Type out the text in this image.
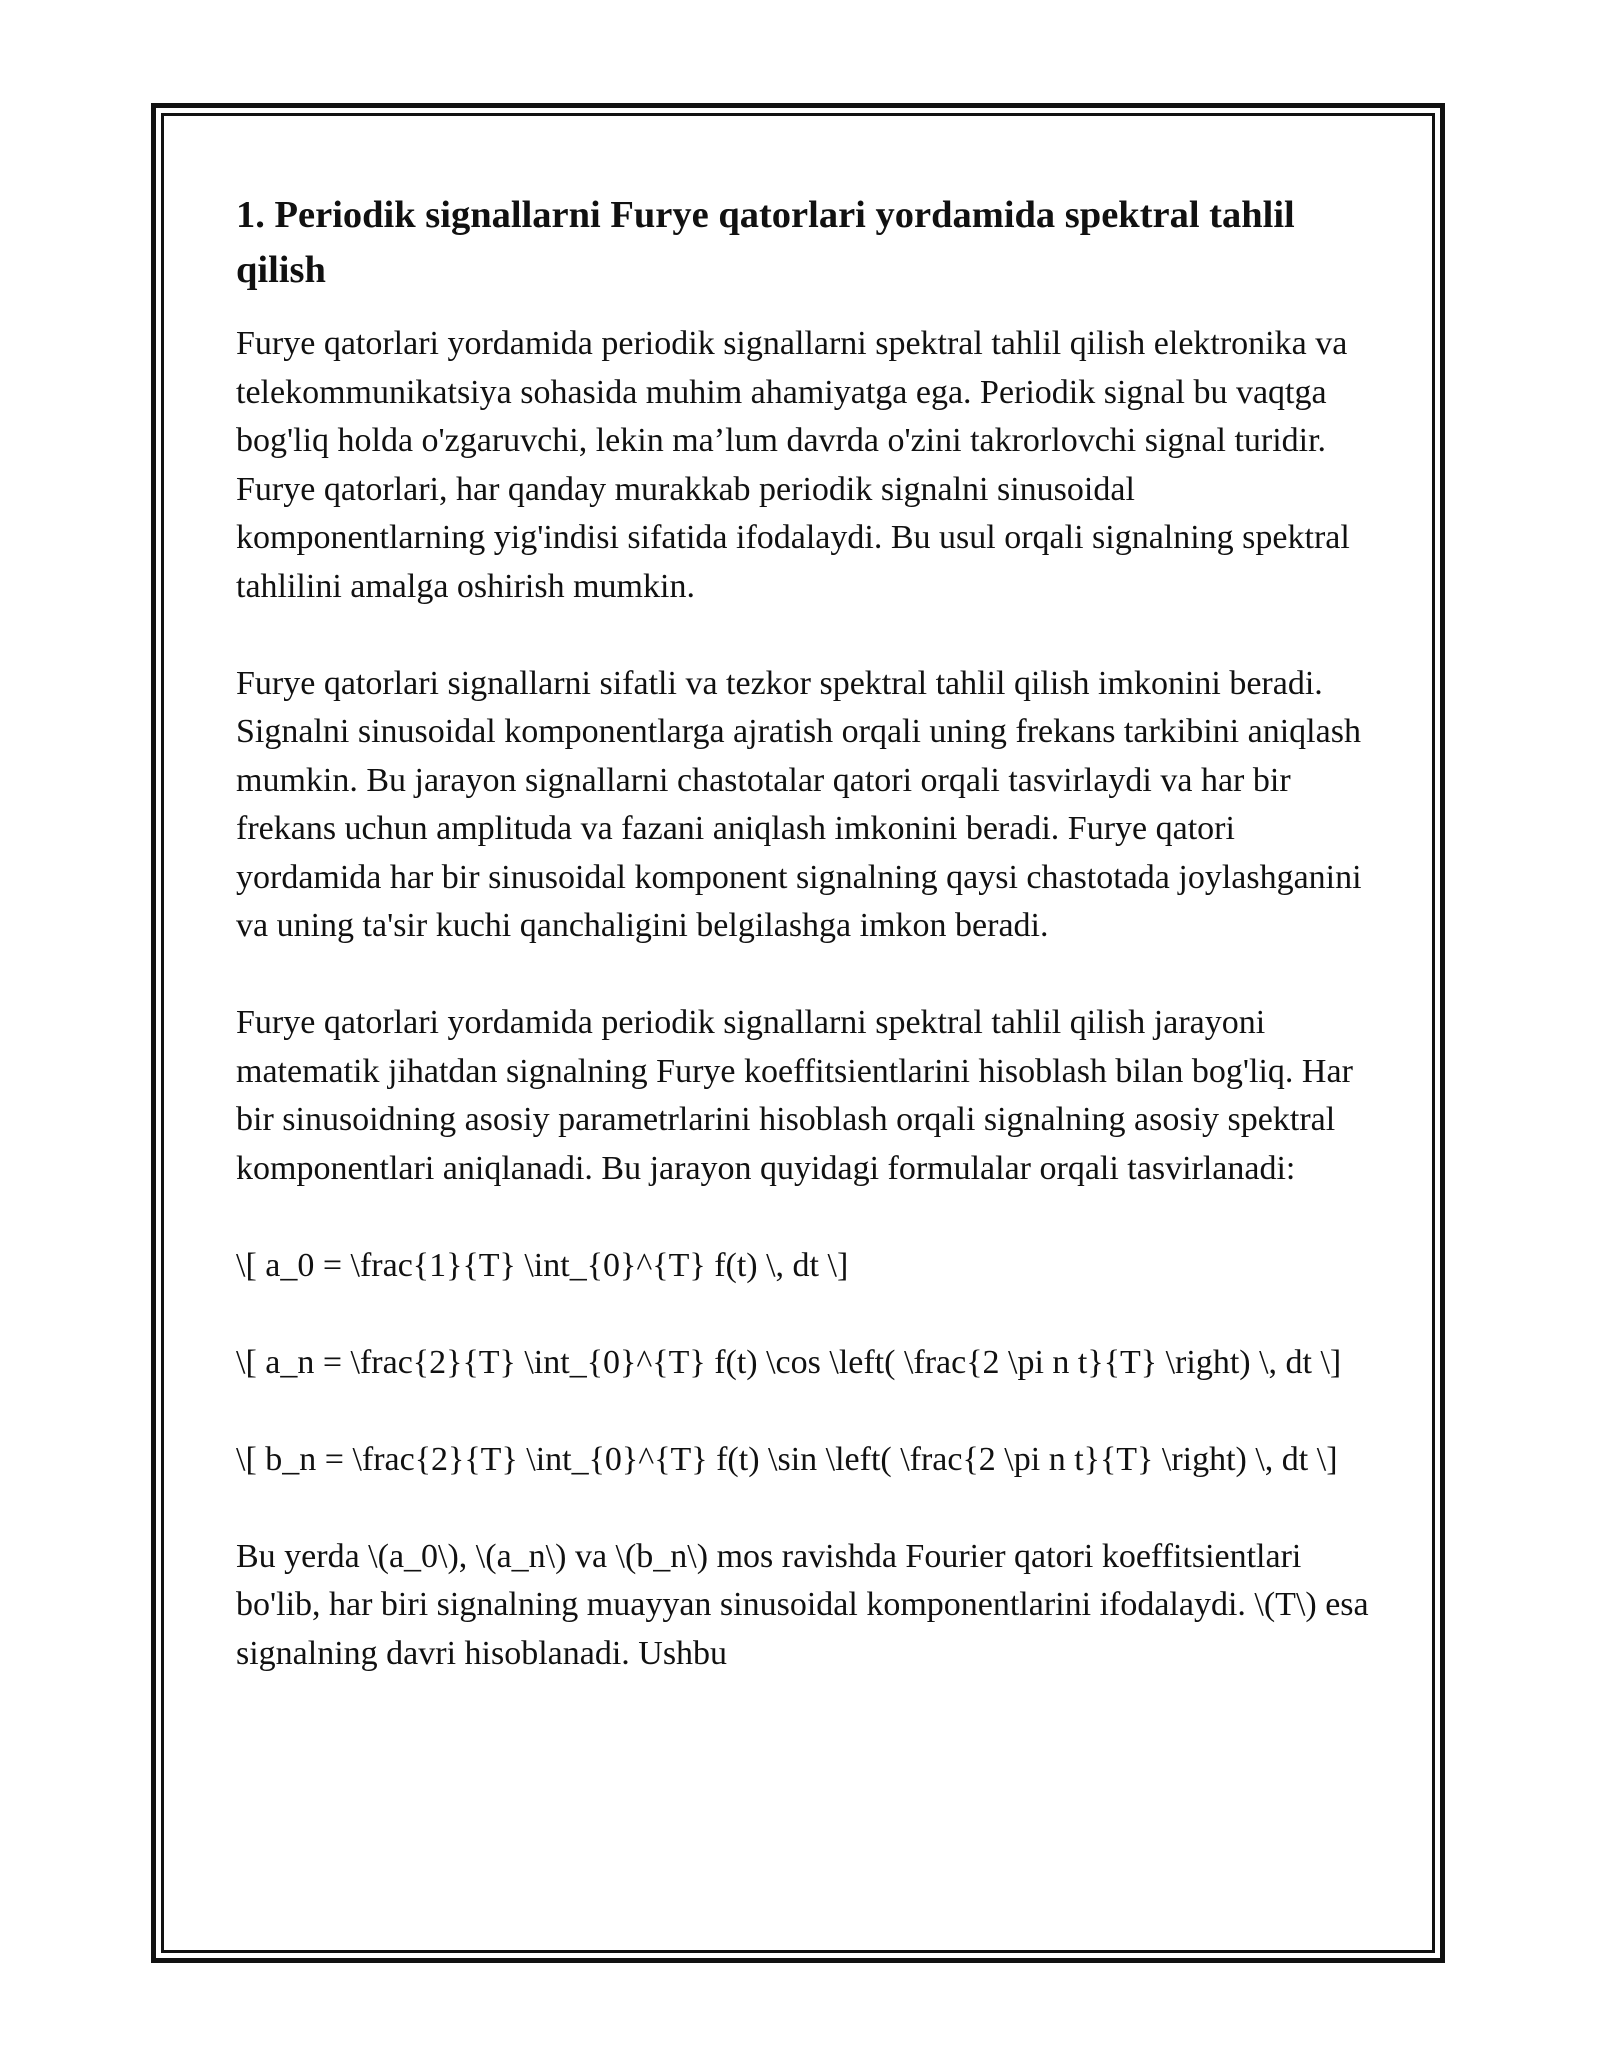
1. Periodik signallarni Furye qatorlari yordamida spektral tahlil qilish

Furye qatorlari yordamida periodik signallarni spektral tahlil qilish elektronika va telekommunikatsiya sohasida muhim ahamiyatga ega. Periodik signal bu vaqtga bog'liq holda o'zgaruvchi, lekin ma’lum davrda o'zini takrorlovchi signal turidir. Furye qatorlari, har qanday murakkab periodik signalni sinusoidal komponentlarning yig'indisi sifatida ifodalaydi. Bu usul orqali signalning spektral tahlilini amalga oshirish mumkin.

Furye qatorlari signallarni sifatli va tezkor spektral tahlil qilish imkonini beradi. Signalni sinusoidal komponentlarga ajratish orqali uning frekans tarkibini aniqlash mumkin. Bu jarayon signallarni chastotalar qatori orqali tasvirlaydi va har bir frekans uchun amplituda va fazani aniqlash imkonini beradi. Furye qatori yordamida har bir sinusoidal komponent signalning qaysi chastotada joylashganini va uning ta'sir kuchi qanchaligini belgilashga imkon beradi.

Furye qatorlari yordamida periodik signallarni spektral tahlil qilish jarayoni matematik jihatdan signalning Furye koeffitsientlarini hisoblash bilan bog'liq. Har bir sinusoidning asosiy parametrlarini hisoblash orqali signalning asosiy spektral komponentlari aniqlanadi. Bu jarayon quyidagi formulalar orqali tasvirlanadi:

\[ a_0 = \frac{1}{T} \int_{0}^{T} f(t) \, dt \]

\[ a_n = \frac{2}{T} \int_{0}^{T} f(t) \cos \left( \frac{2 \pi n t}{T} \right) \, dt \]

\[ b_n = \frac{2}{T} \int_{0}^{T} f(t) \sin \left( \frac{2 \pi n t}{T} \right) \, dt \]

Bu yerda \(a_0\), \(a_n\) va \(b_n\) mos ravishda Fourier qatori koeffitsientlari bo'lib, har biri signalning muayyan sinusoidal komponentlarini ifodalaydi. \(T\) esa signalning davri hisoblanadi. Ushbu
